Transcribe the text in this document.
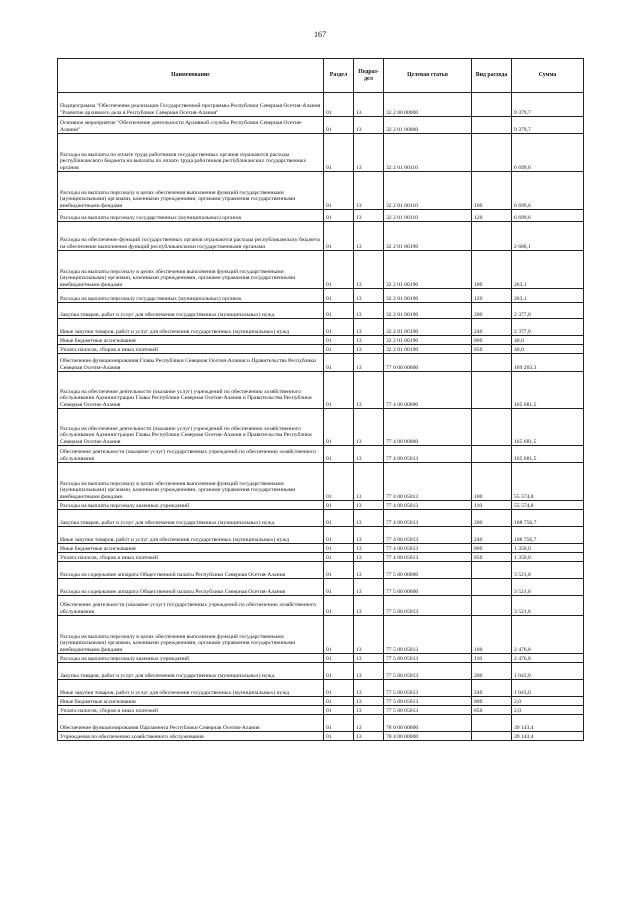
167
Наименование	Раздел	Подраз-дел	Целевая статья	Вид расхода	Сумма
Подпрограмма "Обеспечение реализации Государственной программы Республики Северная Осетия-Алания "Развитие архивного дела в Республике Северная Осетия-Алания"	01	13	32 2 00 00000		9 379,7
Основное мероприятие "Обеспечение деятельности Архивной службы Республики Северная Осетия-Алания"	01	13	32 2 01 00000		9 379,7
Расходы на выплаты по оплате труда работников государственных органов отражаются расходы республиканского бюджета на выплаты по оплате труда работников республиканских государственных органов	01	13	32 2 01 00110		6 699,6
Расходы на выплаты персоналу в целях обеспечения выполнения функций государственными (муниципальными) органами, казенными учреждениями, органами управления государственными внебюджетными фондами	01	13	32 2 01 00110	100	6 699,6
Расходы на выплаты персоналу государственных (муниципальных) органов	01	13	32 2 01 00110	120	6 699,6
Расходы на обеспечение функций государственных органов отражаются расходы республиканского бюджета на обеспечение выполнения функций республиканскими государственными органами	01	13	32 2 01 00190		2 680,1
Расходы на выплаты персоналу в целях обеспечения выполнения функций государственными (муниципальными) органами, казенными учреждениями, органами управления государственными внебюджетными фондами	01	13	32 2 01 00190	100	263,1
Расходы на выплаты персоналу государственных (муниципальных) органов	01	13	32 2 01 00190	120	263,1
Закупка товаров, работ и услуг для обеспечения государственных (муниципальных) нужд	01	13	32 2 01 00190	200	2 377,0
Иные закупки товаров, работ и услуг для обеспечения государственных (муниципальных) нужд	01	13	32 2 01 00190	240	2 377,0
Иные бюджетные ассигнования	01	13	32 2 01 00190	800	40,0
Уплата налогов, сборов и иных платежей	01	13	32 2 01 00190	850	40,0
Обеспечение функционирования Главы Республики Северная Осетия-Алания и Правительства Республики Северная Осетия-Алания	01	13	77 0 00 00000		169 203,3
Расходы на обеспечение деятельности (оказание услуг) учреждений по обеспечению хозяйственного обслуживания Администрации Главы Республики Северная Осетия-Алания и Правительства Республики Северная Осетия-Алания	01	13	77 4 00 00000		165 681,5
Расходы на обеспечение деятельности (оказание услуг) учреждений по обеспечению хозяйственного обслуживания Администрации Главы Республики Северная Осетия-Алания и Правительства Республики Северная Осетия-Алания	01	13	77 4 00 00000		165 681,5
Обеспечение деятельности (оказание услуг) государственных учреждений по обеспечению хозяйственного обслуживания	01	13	77 4 00 05013		165 681,5
Расходы на выплаты персоналу в целях обеспечения выполнения функций государственными (муниципальными) органами, казенными учреждениями, органами управления государственными внебюджетными фондами	01	13	77 4 00 05013	100	55 574,8
Расходы на выплаты персоналу казенных учреждений	01	13	77 4 00 05013	110	55 574,8
Закупка товаров, работ и услуг для обеспечения государственных (муниципальных) нужд	01	13	77 4 00 05013	200	108 756,7
Иные закупки товаров, работ и услуг для обеспечения государственных (муниципальных) нужд	01	13	77 4 00 05013	240	108 756,7
Иные бюджетные ассигнования	01	13	77 4 00 05013	800	1 350,0
Уплата налогов, сборов и иных платежей	01	13	77 4 00 05013	850	1 350,0
Расходы на содержание аппарата Общественной палаты Республики Северная Осетия-Алания	01	13	77 5 00 00000		3 521,8
Расходы на содержание аппарата Общественной палаты Республики Северная Осетия-Алания	01	13	77 5 00 00000		3 521,8
Обеспечение деятельности (оказание услуг) государственных учреждений по обеспечению хозяйственного обслуживания	01	13	77 5 00 05013		3 521,8
Расходы на выплаты персоналу в целях обеспечения выполнения функций государственными (муниципальными) органами, казенными учреждениями, органами управления государственными внебюджетными фондами	01	13	77 5 00 05013	100	2 476,8
Расходы на выплаты персоналу казенных учреждений	01	13	77 5 00 05013	110	2 476,8
Закупка товаров, работ и услуг для обеспечения государственных (муниципальных) нужд	01	13	77 5 00 05013	200	1 043,0
Иные закупки товаров, работ и услуг для обеспечения государственных (муниципальных) нужд	01	13	77 5 00 05013	240	1 043,0
Иные бюджетные ассигнования	01	13	77 5 00 05013	800	2,0
Уплата налогов, сборов и иных платежей	01	13	77 5 00 05013	850	2,0
Обеспечение функционирования Парламента Республики Северная Осетия-Алания	01	13	78 0 00 00000		39 143,4
Учреждения по обеспечению хозяйственного обслуживания	01	13	78 4 00 00000		39 143,4
